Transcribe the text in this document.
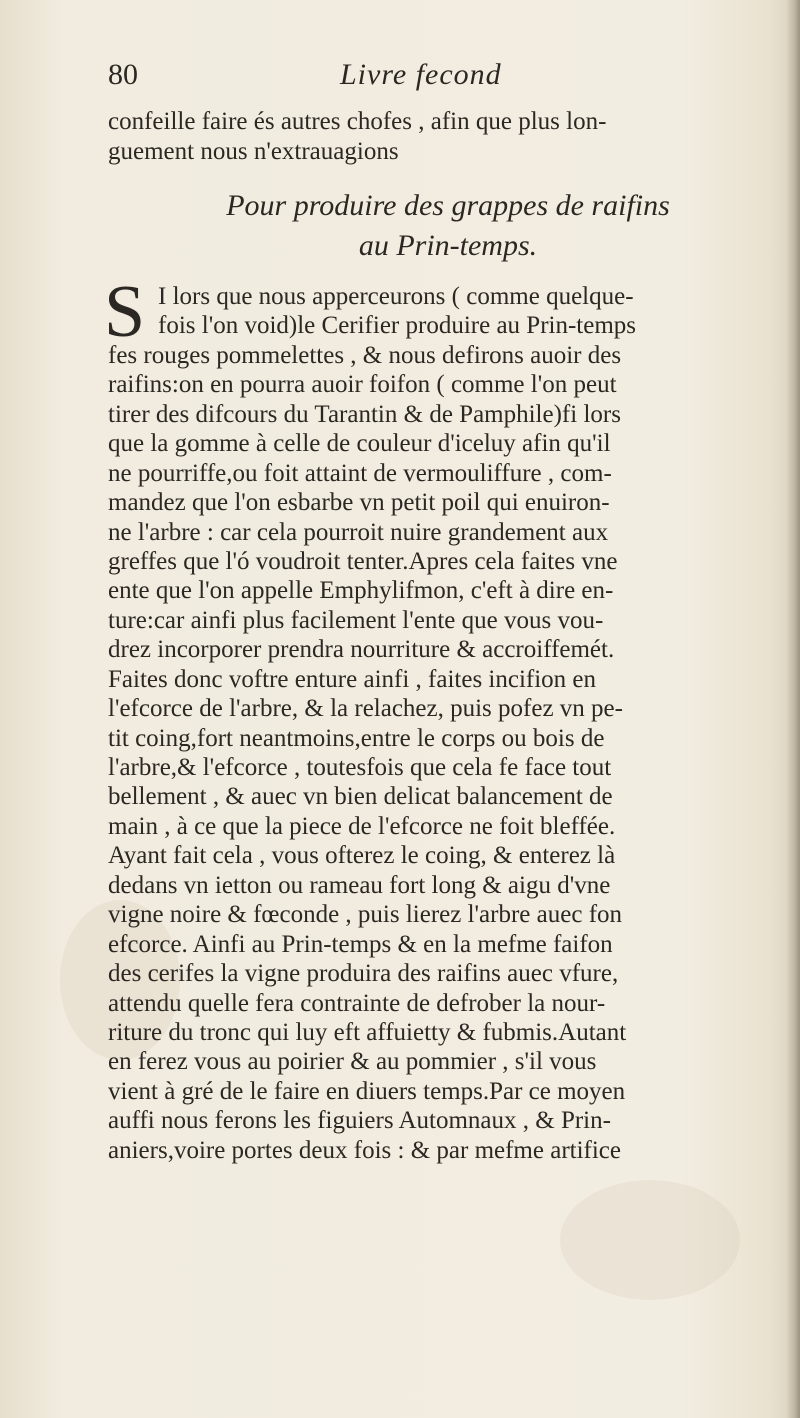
80	Livre fecond
confeille faire és autres chofes , afin que plus lon-
guement nous n'extrauagions
Pour produire des grappes de raifins
au Prin-temps.
S I lors que nous apperceurons ( comme quelque-
fois l'on void)le Cerifier produire au Prin-temps
fes rouges pommelettes , & nous defirons auoir des
raifins:on en pourra auoir foifon ( comme l'on peut
tirer des difcours du Tarantin & de Pamphile)fi lors
que la gomme à celle de couleur d'iceluy afin qu'il
ne pourriffe,ou foit attaint de vermouliffure , com-
mandez que l'on esbarbe vn petit poil qui enuiron-
ne l'arbre : car cela pourroit nuire grandement aux
greffes que l'ó voudroit tenter.Apres cela faites vne
ente que l'on appelle Emphylifmon, c'eft à dire en-
ture:car ainfi plus facilement l'ente que vous vou-
drez incorporer prendra nourriture & accroiffemét.
Faites donc voftre enture ainfi , faites incifion en
l'efcorce de l'arbre, & la relachez, puis pofez vn pe-
tit coing,fort neantmoins,entre le corps ou bois de
l'arbre,& l'efcorce , toutesfois que cela fe face tout
bellement , & auec vn bien delicat balancement de
main , à ce que la piece de l'efcorce ne foit bleffée.
Ayant fait cela , vous ofterez le coing, & enterez là
dedans vn ietton ou rameau fort long & aigu d'vne
vigne noire & fœconde , puis lierez l'arbre auec fon
efcorce. Ainfi au Prin-temps & en la mefme faifon
des cerifes la vigne produira des raifins auec vfure,
attendu quelle fera contrainte de defrober la nour-
riture du tronc qui luy eft affuietty & fubmis.Autant
en ferez vous au poirier & au pommier , s'il vous
vient à gré de le faire en diuers temps.Par ce moyen
auffi nous ferons les figuiers Automnaux , & Prin-
aniers,voire portes deux fois : & par mefme artifice
